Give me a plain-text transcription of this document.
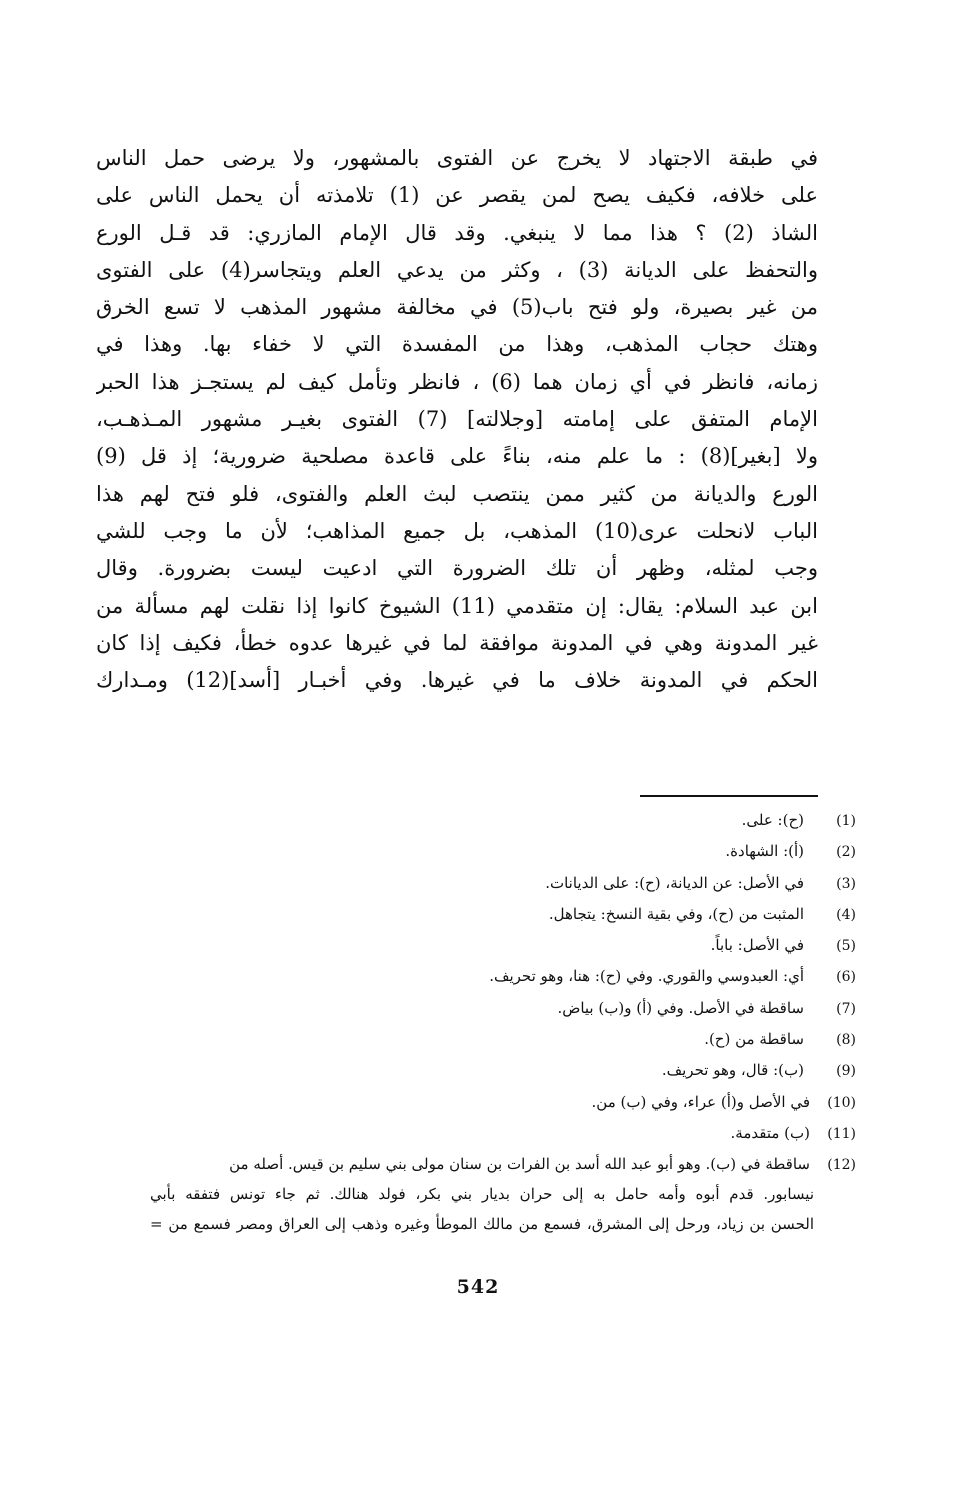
في طبقة الاجتهاد لا يخرج عن الفتوى بالمشهور، ولا يرضى حمل الناس
على خلافه، فكيف يصح لمن يقصر عن (1) تلامذته أن يحمل الناس على
الشاذ (2) ؟ هذا مما لا ينبغي. وقد قال الإمام المازري: قد قـل الورع
والتحفظ على الديانة (3) ، وكثر من يدعي العلم ويتجاسر(4) على الفتوى
من غير بصيرة، ولو فتح باب(5) في مخالفة مشهور المذهب لا تسع الخرق
وهتك حجاب المذهب، وهذا من المفسدة التي لا خفاء بها. وهذا في
زمانه، فانظر في أي زمان هما (6) ، فانظر وتأمل كيف لم يستجـز هذا الحبر
الإمام المتفق على إمامته [وجلالته] (7) الفتوى بغيـر مشهور المـذهـب،
ولا [بغير](8) : ما علم منه، بناءً على قاعدة مصلحية ضرورية؛ إذ قل (9)
الورع والديانة من كثير ممن ينتصب لبث العلم والفتوى، فلو فتح لهم هذا
الباب لانحلت عرى(10) المذهب، بل جميع المذاهب؛ لأن ما وجب للشي
وجب لمثله، وظهر أن تلك الضرورة التي ادعيت ليست بضرورة. وقال
ابن عبد السلام: يقال: إن متقدمي (11) الشيوخ كانوا إذا نقلت لهم مسألة من
غير المدونة وهي في المدونة موافقة لما في غيرها عدوه خطأ، فكيف إذا كان
الحكم في المدونة خلاف ما في غيرها. وفي أخبـار [أسد](12) ومـدارك
(1)
(ح): على.
(2)
(أ): الشهادة.
(3)
في الأصل: عن الديانة، (ح): على الديانات.
(4)
المثبت من (ح)، وفي بقية النسخ: يتجاهل.
(5)
في الأصل: باباً.
(6)
أي: العبدوسي والقوري. وفي (ح): هنا، وهو تحريف.
(7)
ساقطة في الأصل. وفي (أ) و(ب) بياض.
(8)
ساقطة من (ح).
(9)
(ب): قال، وهو تحريف.
(10)
في الأصل و(أ) عراء، وفي (ب) من.
(11)
(ب) متقدمة.
(12)
ساقطة في (ب). وهو أبو عبد الله أسد بن الفرات بن سنان مولى بني سليم بن قيس. أصله من
نيسابور. قدم أبوه وأمه حامل به إلى حران بديار بني بكر، فولد هنالك. ثم جاء تونس فتفقه بأبي
الحسن بن زياد، ورحل إلى المشرق، فسمع من مالك الموطأ وغيره وذهب إلى العراق ومصر فسمع من =
542
